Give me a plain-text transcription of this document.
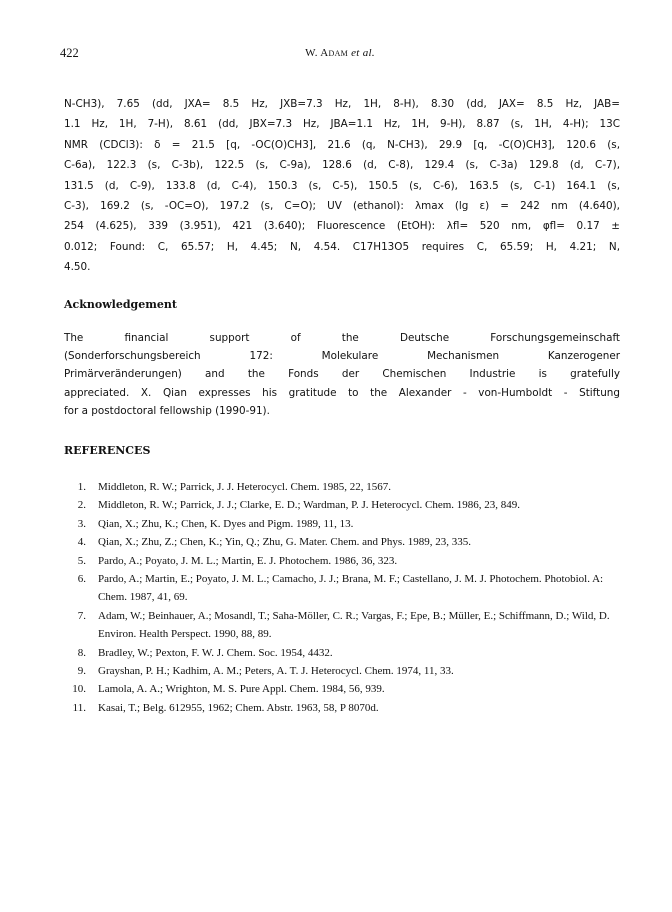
422	W. Adam et al.
N-CH3), 7.65 (dd, JXA= 8.5 Hz, JXB=7.3 Hz, 1H, 8-H), 8.30 (dd, JAX= 8.5 Hz, JAB=
1.1 Hz, 1H, 7-H), 8.61 (dd, JBX=7.3 Hz, JBA=1.1 Hz, 1H, 9-H), 8.87 (s, 1H, 4-H); 13C
NMR (CDCl3): δ = 21.5 [q, -OC(O)CH3], 21.6 (q, N-CH3), 29.9 [q, -C(O)CH3], 120.6 (s,
C-6a), 122.3 (s, C-3b), 122.5 (s, C-9a), 128.6 (d, C-8), 129.4 (s, C-3a) 129.8 (d, C-7),
131.5 (d, C-9), 133.8 (d, C-4), 150.3 (s, C-5), 150.5 (s, C-6), 163.5 (s, C-1) 164.1 (s,
C-3), 169.2 (s, -OC=O), 197.2 (s, C=O); UV (ethanol): λmax (lg ε) = 242 nm (4.640),
254 (4.625), 339 (3.951), 421 (3.640); Fluorescence (EtOH): λfl= 520 nm, φfl= 0.17 ±
0.012; Found: C, 65.57; H, 4.45; N, 4.54. C17H13O5 requires C, 65.59; H, 4.21; N,
4.50.
Acknowledgement
The financial support of the Deutsche Forschungsgemeinschaft
(Sonderforschungsbereich 172: Molekulare Mechanismen Kanzerogener
Primärveränderungen) and the Fonds der Chemischen Industrie is gratefully
appreciated. X. Qian expresses his gratitude to the Alexander - von-Humboldt - Stiftung
for a postdoctoral fellowship (1990-91).
REFERENCES
1. Middleton, R. W.; Parrick, J. J. Heterocycl. Chem. 1985, 22, 1567.
2. Middleton, R. W.; Parrick, J. J.; Clarke, E. D.; Wardman, P. J. Heterocycl. Chem. 1986, 23, 849.
3. Qian, X.; Zhu, K.; Chen, K. Dyes and Pigm. 1989, 11, 13.
4. Qian, X.; Zhu, Z.; Chen, K.; Yin, Q.; Zhu, G. Mater. Chem. and Phys. 1989, 23, 335.
5. Pardo, A.; Poyato, J. M. L.; Martin, E. J. Photochem. 1986, 36, 323.
6. Pardo, A.; Martin, E.; Poyato, J. M. L.; Camacho, J. J.; Brana, M. F.; Castellano, J. M. J. Photochem. Photobiol. A: Chem. 1987, 41, 69.
7. Adam, W.; Beinhauer, A.; Mosandl, T.; Saha-Möller, C. R.; Vargas, F.; Epe, B.; Müller, E.; Schiffmann, D.; Wild, D. Environ. Health Perspect. 1990, 88, 89.
8. Bradley, W.; Pexton, F. W. J. Chem. Soc. 1954, 4432.
9. Grayshan, P. H.; Kadhim, A. M.; Peters, A. T. J. Heterocycl. Chem. 1974, 11, 33.
10. Lamola, A. A.; Wrighton, M. S. Pure Appl. Chem. 1984, 56, 939.
11. Kasai, T.; Belg. 612955, 1962; Chem. Abstr. 1963, 58, P 8070d.
